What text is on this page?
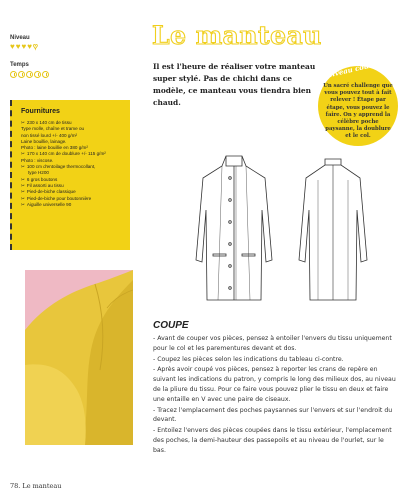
Niveau
♥ ♥ ♥ ♥ ♥
Temps
Fournitures
✂ 230 x 140 cm de tissu
Type molle, chaîne et trame ou
non tissé lourd +/- 400 g/m²
Laine bouillie, lainage.
Photo : laine bouillie en 380 g/m²
✂ 170 x 140 cm de doublure +/- 115 g/m²
Photo : viscose.
✂ 100 cm d'entoilage thermocollant,
type H200
✂ 6 gros boutons
✂ Fil assorti au tissu
✂ Pied-de-biche classique
✂ Pied-de-biche pour boutonnière
✂ Aiguille universelle 90
Le manteau
Il est l'heure de réaliser votre manteau super stylé. Pas de chichi dans ce modèle, ce manteau vous tiendra bien chaud.
Niveau couture
Un sacré challenge que vous pouvez tout à fait relever ! Étape par étape, vous pouvez le faire. On y apprend la célèbre poche paysanne, la doublure et le col.
COUPE

- Avant de couper vos pièces, pensez à entoiler l'envers du tissu uniquement pour le col et les parementures devant et dos.

- Coupez les pièces selon les indications du tableau ci-contre.

- Après avoir coupé vos pièces, pensez à reporter les crans de repère en suivant les indications du patron, y compris le long des milieux dos, au niveau de la pliure du tissu. Pour ce faire vous pouvez plier le tissu en deux et faire une entaille en V avec une paire de ciseaux.

- Tracez l'emplacement des poches paysannes sur l'envers et sur l'endroit du devant.

- Entoilez l'envers des pièces coupées dans le tissu extérieur, l'emplacement des poches, la demi-hauteur des passepoils et au niveau de l'ourlet, sur le bas.

78. Le manteau
